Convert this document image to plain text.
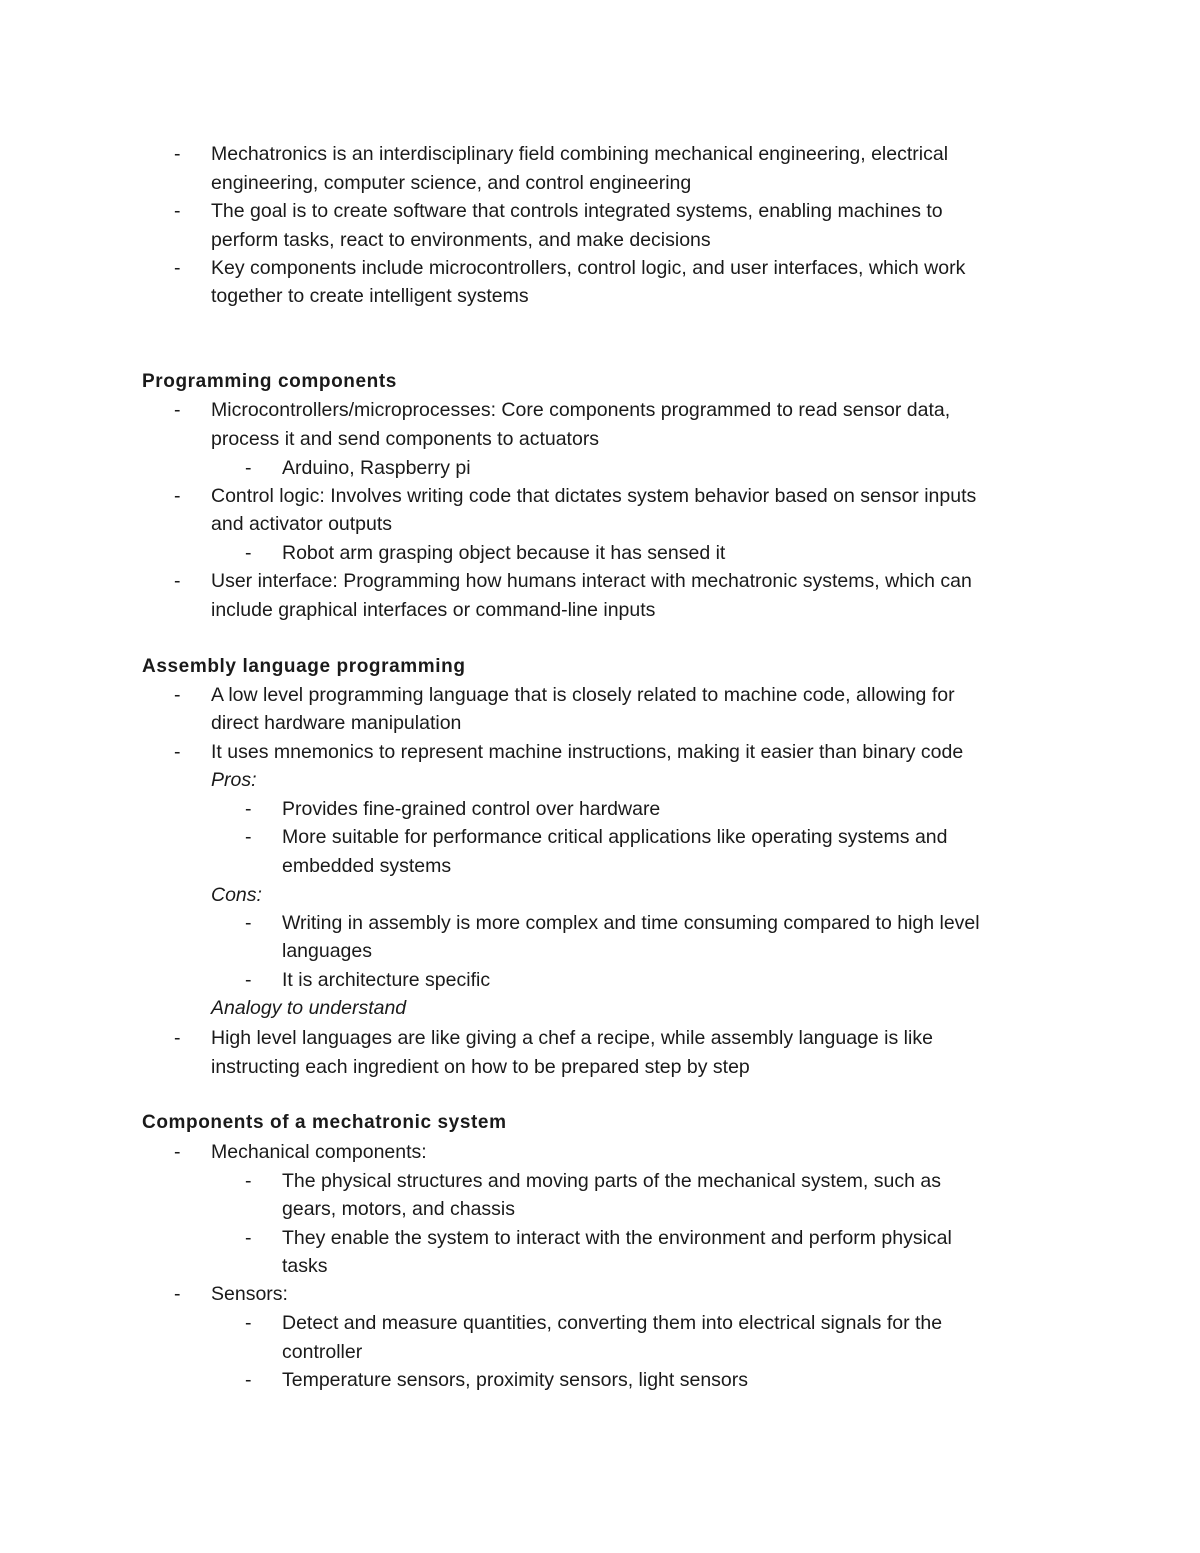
- Mechatronics is an interdisciplinary field combining mechanical engineering, electrical
engineering, computer science, and control engineering
- The goal is to create software that controls integrated systems, enabling machines to
perform tasks, react to environments, and make decisions
- Key components include microcontrollers, control logic, and user interfaces, which work
together to create intelligent systems
Programming components
- Microcontrollers/microprocesses: Core components programmed to read sensor data,
process it and send components to actuators
- Arduino, Raspberry pi
- Control logic: Involves writing code that dictates system behavior based on sensor inputs
and activator outputs
- Robot arm grasping object because it has sensed it
- User interface: Programming how humans interact with mechatronic systems, which can
include graphical interfaces or command-line inputs
Assembly language programming
- A low level programming language that is closely related to machine code, allowing for
direct hardware manipulation
- It uses mnemonics to represent machine instructions, making it easier than binary code
Pros:
- Provides fine-grained control over hardware
- More suitable for performance critical applications like operating systems and
embedded systems
Cons:
- Writing in assembly is more complex and time consuming compared to high level
languages
- It is architecture specific
Analogy to understand
- High level languages are like giving a chef a recipe, while assembly language is like
instructing each ingredient on how to be prepared step by step
Components of a mechatronic system
- Mechanical components:
- The physical structures and moving parts of the mechanical system, such as
gears, motors, and chassis
- They enable the system to interact with the environment and perform physical
tasks
- Sensors:
- Detect and measure quantities, converting them into electrical signals for the
controller
- Temperature sensors, proximity sensors, light sensors
